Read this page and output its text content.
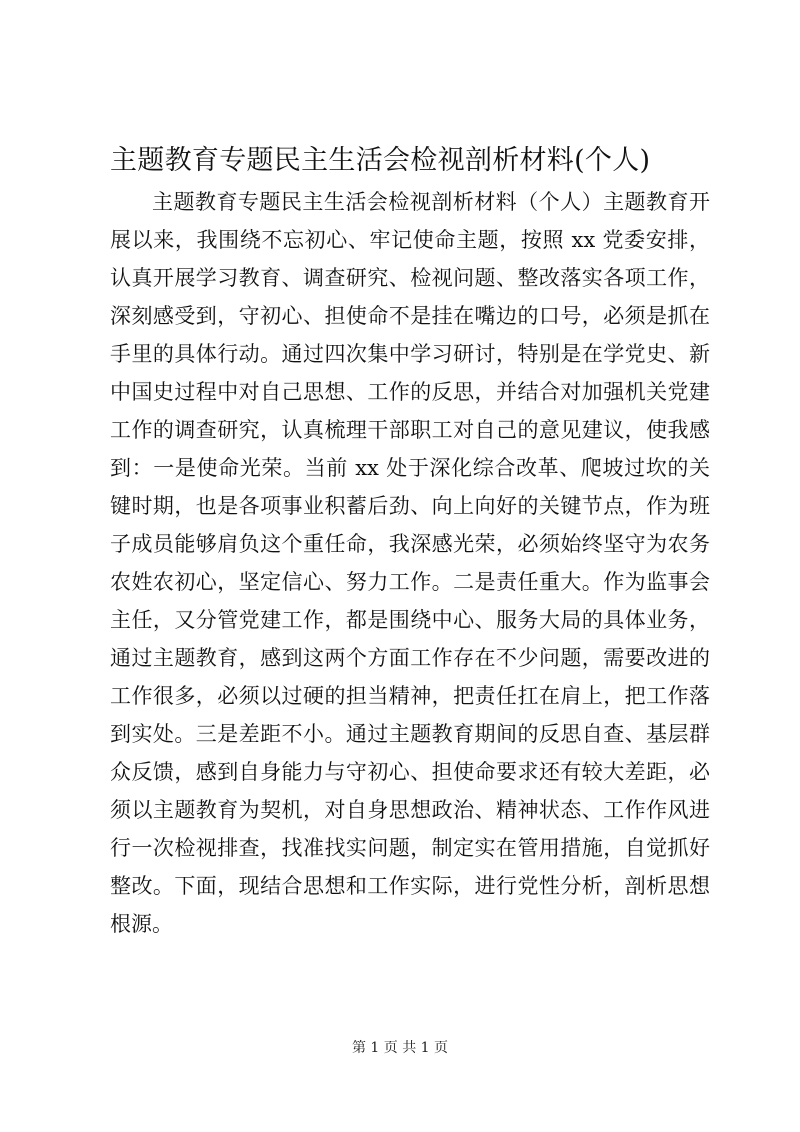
主题教育专题民主生活会检视剖析材料(个人)
主题教育专题民主生活会检视剖析材料（个人）主题教育开
展以来，我围绕不忘初心、牢记使命主题，按照 xx 党委安排，
认真开展学习教育、调查研究、检视问题、整改落实各项工作，
深刻感受到，守初心、担使命不是挂在嘴边的口号，必须是抓在
手里的具体行动。通过四次集中学习研讨，特别是在学党史、新
中国史过程中对自己思想、工作的反思，并结合对加强机关党建
工作的调查研究，认真梳理干部职工对自己的意见建议，使我感
到：一是使命光荣。当前 xx 处于深化综合改革、爬坡过坎的关
键时期，也是各项事业积蓄后劲、向上向好的关键节点，作为班
子成员能够肩负这个重任命，我深感光荣，必须始终坚守为农务
农姓农初心，坚定信心、努力工作。二是责任重大。作为监事会
主任，又分管党建工作，都是围绕中心、服务大局的具体业务，
通过主题教育，感到这两个方面工作存在不少问题，需要改进的
工作很多，必须以过硬的担当精神，把责任扛在肩上，把工作落
到实处。三是差距不小。通过主题教育期间的反思自查、基层群
众反馈，感到自身能力与守初心、担使命要求还有较大差距，必
须以主题教育为契机，对自身思想政治、精神状态、工作作风进
行一次检视排查，找准找实问题，制定实在管用措施，自觉抓好
整改。下面，现结合思想和工作实际，进行党性分析，剖析思想
根源。
第 1 页 共 1 页
